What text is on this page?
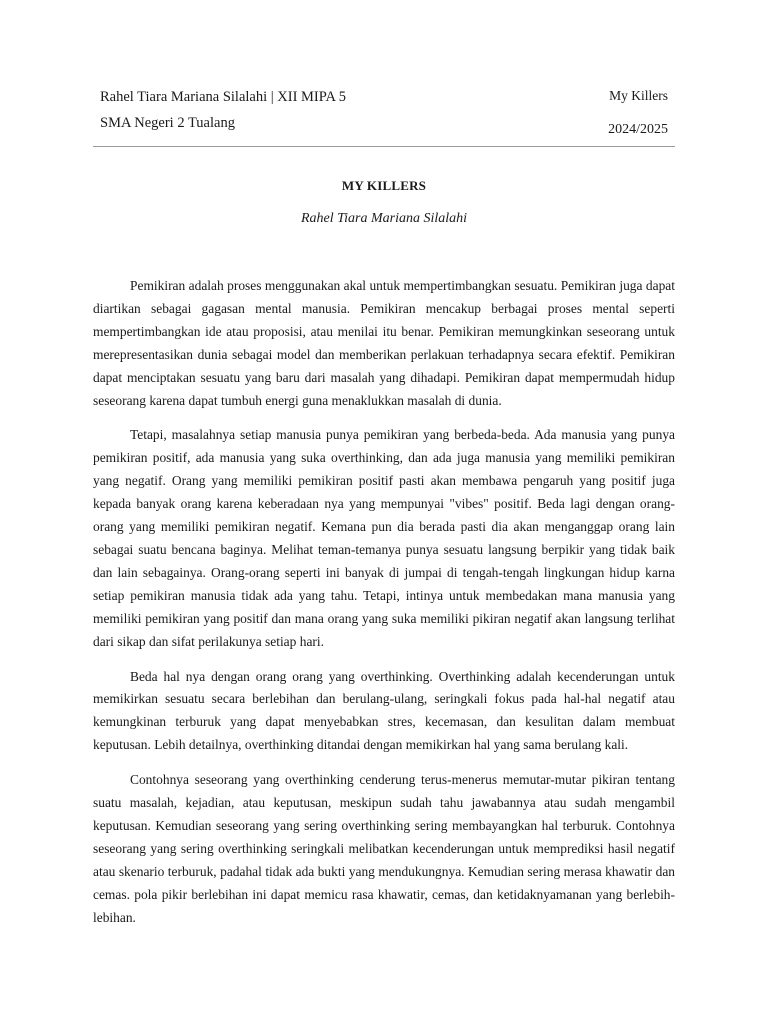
Rahel Tiara Mariana Silalahi | XII MIPA 5
SMA Negeri 2 Tualang
My Killers
2024/2025
MY KILLERS
Rahel Tiara Mariana Silalahi

Pemikiran adalah proses menggunakan akal untuk mempertimbangkan sesuatu. Pemikiran juga dapat diartikan sebagai gagasan mental manusia. Pemikiran mencakup berbagai proses mental seperti mempertimbangkan ide atau proposisi, atau menilai itu benar. Pemikiran memungkinkan seseorang untuk merepresentasikan dunia sebagai model dan memberikan perlakuan terhadapnya secara efektif. Pemikiran dapat menciptakan sesuatu yang baru dari masalah yang dihadapi. Pemikiran dapat mempermudah hidup seseorang karena dapat tumbuh energi guna menaklukkan masalah di dunia.

Tetapi, masalahnya setiap manusia punya pemikiran yang berbeda-beda. Ada manusia yang punya pemikiran positif, ada manusia yang suka overthinking, dan ada juga manusia yang memiliki pemikiran yang negatif. Orang yang memiliki pemikiran positif pasti akan membawa pengaruh yang positif juga kepada banyak orang karena keberadaan nya yang mempunyai "vibes" positif. Beda lagi dengan orang-orang yang memiliki pemikiran negatif. Kemana pun dia berada pasti dia akan menganggap orang lain sebagai suatu bencana baginya. Melihat teman-temanya punya sesuatu langsung berpikir yang tidak baik dan lain sebagainya. Orang-orang seperti ini banyak di jumpai di tengah-tengah lingkungan hidup karna setiap pemikiran manusia tidak ada yang tahu. Tetapi, intinya untuk membedakan mana manusia yang memiliki pemikiran yang positif dan mana orang yang suka memiliki pikiran negatif akan langsung terlihat dari sikap dan sifat perilakunya setiap hari.

Beda hal nya dengan orang orang yang overthinking. Overthinking adalah kecenderungan untuk memikirkan sesuatu secara berlebihan dan berulang-ulang, seringkali fokus pada hal-hal negatif atau kemungkinan terburuk yang dapat menyebabkan stres, kecemasan, dan kesulitan dalam membuat keputusan. Lebih detailnya, overthinking ditandai dengan memikirkan hal yang sama berulang kali.

Contohnya seseorang yang overthinking cenderung terus-menerus memutar-mutar pikiran tentang suatu masalah, kejadian, atau keputusan, meskipun sudah tahu jawabannya atau sudah mengambil keputusan. Kemudian seseorang yang sering overthinking sering membayangkan hal terburuk. Contohnya seseorang yang sering overthinking seringkali melibatkan kecenderungan untuk memprediksi hasil negatif atau skenario terburuk, padahal tidak ada bukti yang mendukungnya. Kemudian sering merasa khawatir dan cemas. pola pikir berlebihan ini dapat memicu rasa khawatir, cemas, dan ketidaknyamanan yang berlebih-lebihan.
